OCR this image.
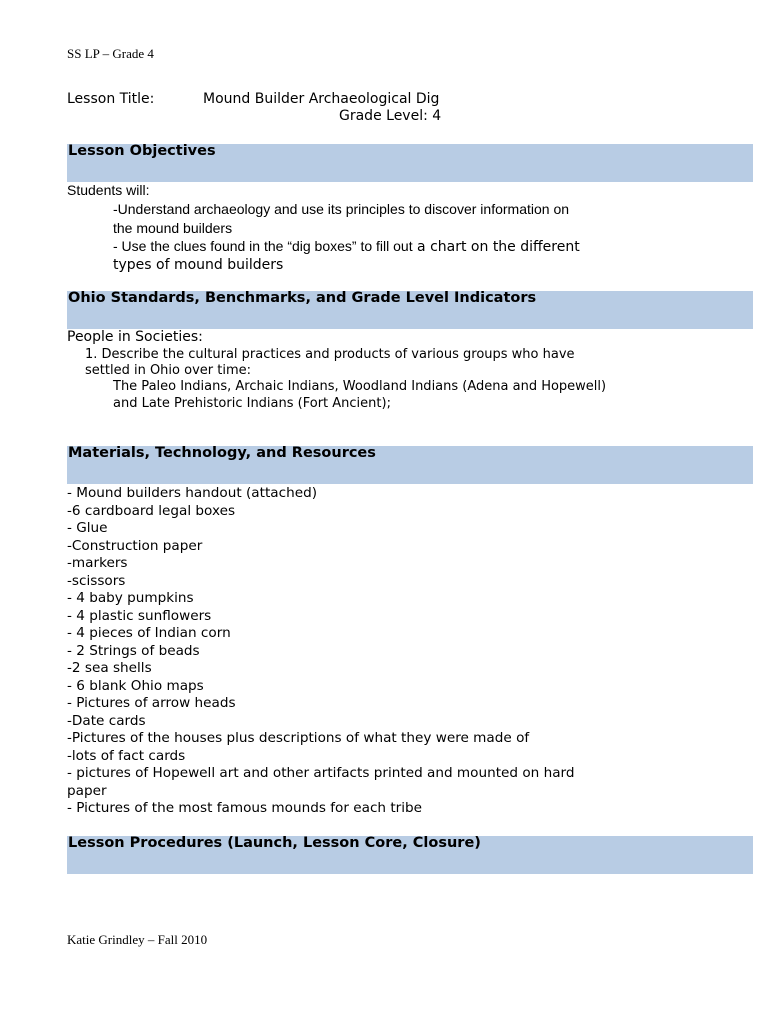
SS LP – Grade 4
Lesson Title:	Mound Builder Archaeological Dig
Grade Level: 4
Lesson Objectives
Students will:
-Understand archaeology and use its principles to discover information on
the mound builders
- Use the clues found in the “dig boxes” to fill out a chart on the different
types of mound builders
Ohio Standards, Benchmarks, and Grade Level Indicators
People in Societies:
1. Describe the cultural practices and products of various groups who have
settled in Ohio over time:
The Paleo Indians, Archaic Indians, Woodland Indians (Adena and Hopewell)
and Late Prehistoric Indians (Fort Ancient);
Materials, Technology, and Resources
- Mound builders handout (attached)
-6 cardboard legal boxes
- Glue
-Construction paper
-markers
-scissors
- 4 baby pumpkins
- 4 plastic sunflowers
- 4 pieces of Indian corn
- 2 Strings of beads
-2 sea shells
- 6 blank Ohio maps
- Pictures of arrow heads
-Date cards
-Pictures of the houses plus descriptions of what they were made of
-lots of fact cards
- pictures of Hopewell art and other artifacts printed and mounted on hard
paper
- Pictures of the most famous mounds for each tribe
Lesson Procedures (Launch, Lesson Core, Closure)
Katie Grindley – Fall 2010
